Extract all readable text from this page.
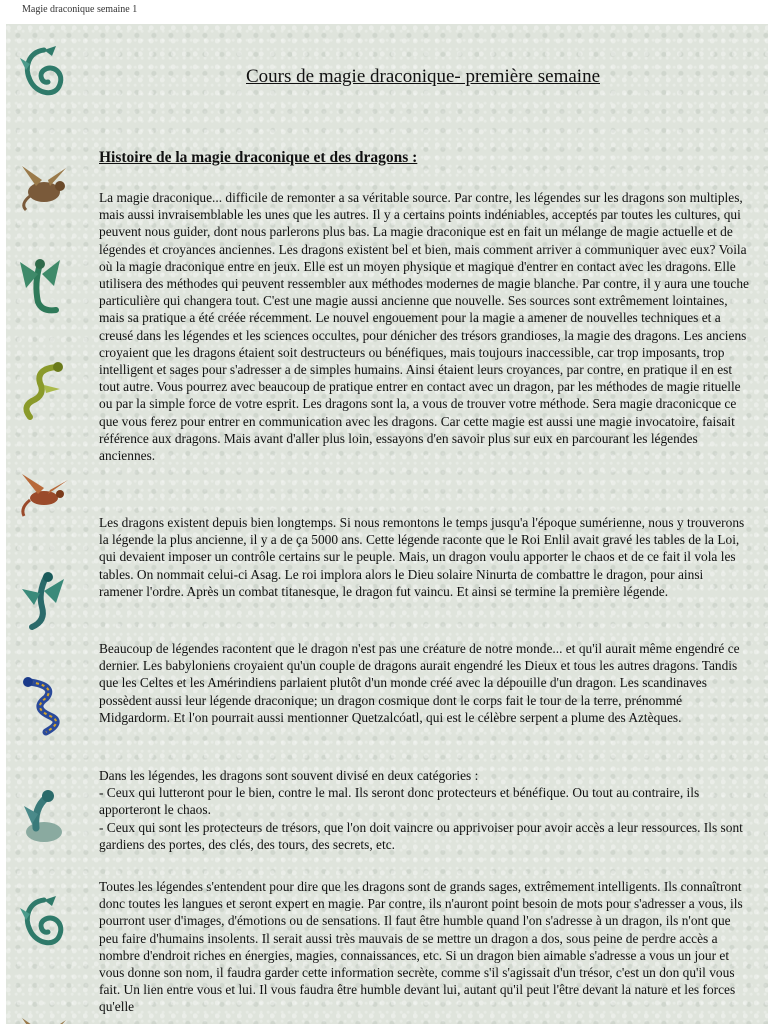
Magie draconique semaine 1
Cours de magie draconique- première semaine
Histoire de la magie draconique et des dragons :

La magie draconique... difficile de remonter a sa véritable source. Par contre, les légendes sur les dragons son multiples, mais aussi invraisemblable les unes que les autres. Il y a certains points indéniables, acceptés par toutes les cultures, qui peuvent nous guider, dont nous parlerons plus bas. La magie draconique est en fait un mélange de magie actuelle et de légendes et croyances anciennes. Les dragons existent bel et bien, mais comment arriver a communiquer avec eux? Voila où la magie draconique entre en jeux. Elle est un moyen physique et magique d'entrer en contact avec les dragons. Elle utilisera des méthodes qui peuvent ressembler aux méthodes modernes de magie blanche. Par contre, il y aura une touche particulière qui changera tout. C'est une magie aussi ancienne que nouvelle. Ses sources sont extrêmement lointaines, mais sa pratique a été créée récemment. Le nouvel engouement pour la magie a amener de nouvelles techniques et a creusé dans les légendes et les sciences occultes, pour dénicher des trésors grandioses, la magie des dragons. Les anciens croyaient que les dragons étaient soit destructeurs ou bénéfiques, mais toujours inaccessible, car trop imposants, trop intelligent et sages pour s'adresser a de simples humains. Ainsi étaient leurs croyances, par contre, en pratique il en est tout autre. Vous pourrez avec beaucoup de pratique entrer en contact avec un dragon, par les méthodes de magie rituelle ou par la simple force de votre esprit. Les dragons sont la, a vous de trouver votre méthode. Sera magie draconicque ce que vous ferez pour entrer en communication avec les dragons. Car cette magie est aussi une magie invocatoire, faisait référence aux dragons. Mais avant d'aller plus loin, essayons d'en savoir plus sur eux en parcourant les légendes anciennes.

Les dragons existent depuis bien longtemps. Si nous remontons le temps jusqu'a l'époque sumérienne, nous y trouverons la légende la plus ancienne, il y a de ça 5000 ans. Cette légende raconte que le Roi Enlil avait gravé les tables de la Loi, qui devaient imposer un contrôle certains sur le peuple. Mais, un dragon voulu apporter le chaos et de ce fait il vola les tables. On nommait celui-ci Asag. Le roi implora alors le Dieu solaire Ninurta de combattre le dragon, pour ainsi ramener l'ordre. Après un combat titanesque, le dragon fut vaincu. Et ainsi se termine la première légende.

Beaucoup de légendes racontent que le dragon n'est pas une créature de notre monde... et qu'il aurait même engendré ce dernier. Les babyloniens croyaient qu'un couple de dragons aurait engendré les Dieux et tous les autres dragons. Tandis que les Celtes et les Amérindiens parlaient plutôt d'un monde créé avec la dépouille d'un dragon. Les scandinaves possèdent aussi leur légende draconique; un dragon cosmique dont le corps fait le tour de la terre, prénommé Midgardorm. Et l'on pourrait aussi mentionner Quetzalcóatl, qui est le célèbre serpent a plume des Aztèques.

Dans les légendes, les dragons sont souvent divisé en deux catégories :
- Ceux qui lutteront pour le bien, contre le mal. Ils seront donc protecteurs et bénéfique. Ou tout au contraire, ils apporteront le chaos.
- Ceux qui sont les protecteurs de trésors, que l'on doit vaincre ou apprivoiser pour avoir accès a leur ressources. Ils sont gardiens des portes, des clés, des tours, des secrets, etc.

Toutes les légendes s'entendent pour dire que les dragons sont de grands sages, extrêmement intelligents. Ils connaîtront donc toutes les langues et seront expert en magie. Par contre, ils n'auront point besoin de mots pour s'adresser a vous, ils pourront user d'images, d'émotions ou de sensations. Il faut être humble quand l'on s'adresse à un dragon, ils n'ont que peu faire d'humains insolents. Il serait aussi très mauvais de se mettre un dragon a dos, sous peine de perdre accès a nombre d'endroit riches en énergies, magies, connaissances, etc. Si un dragon bien aimable s'adresse a vous un jour et vous donne son nom, il faudra garder cette information secrète, comme s'il s'agissait d'un trésor, c'est un don qu'il vous fait. Un lien entre vous et lui. Il vous faudra être humble devant lui, autant qu'il peut l'être devant la nature et les forces qu'elle
